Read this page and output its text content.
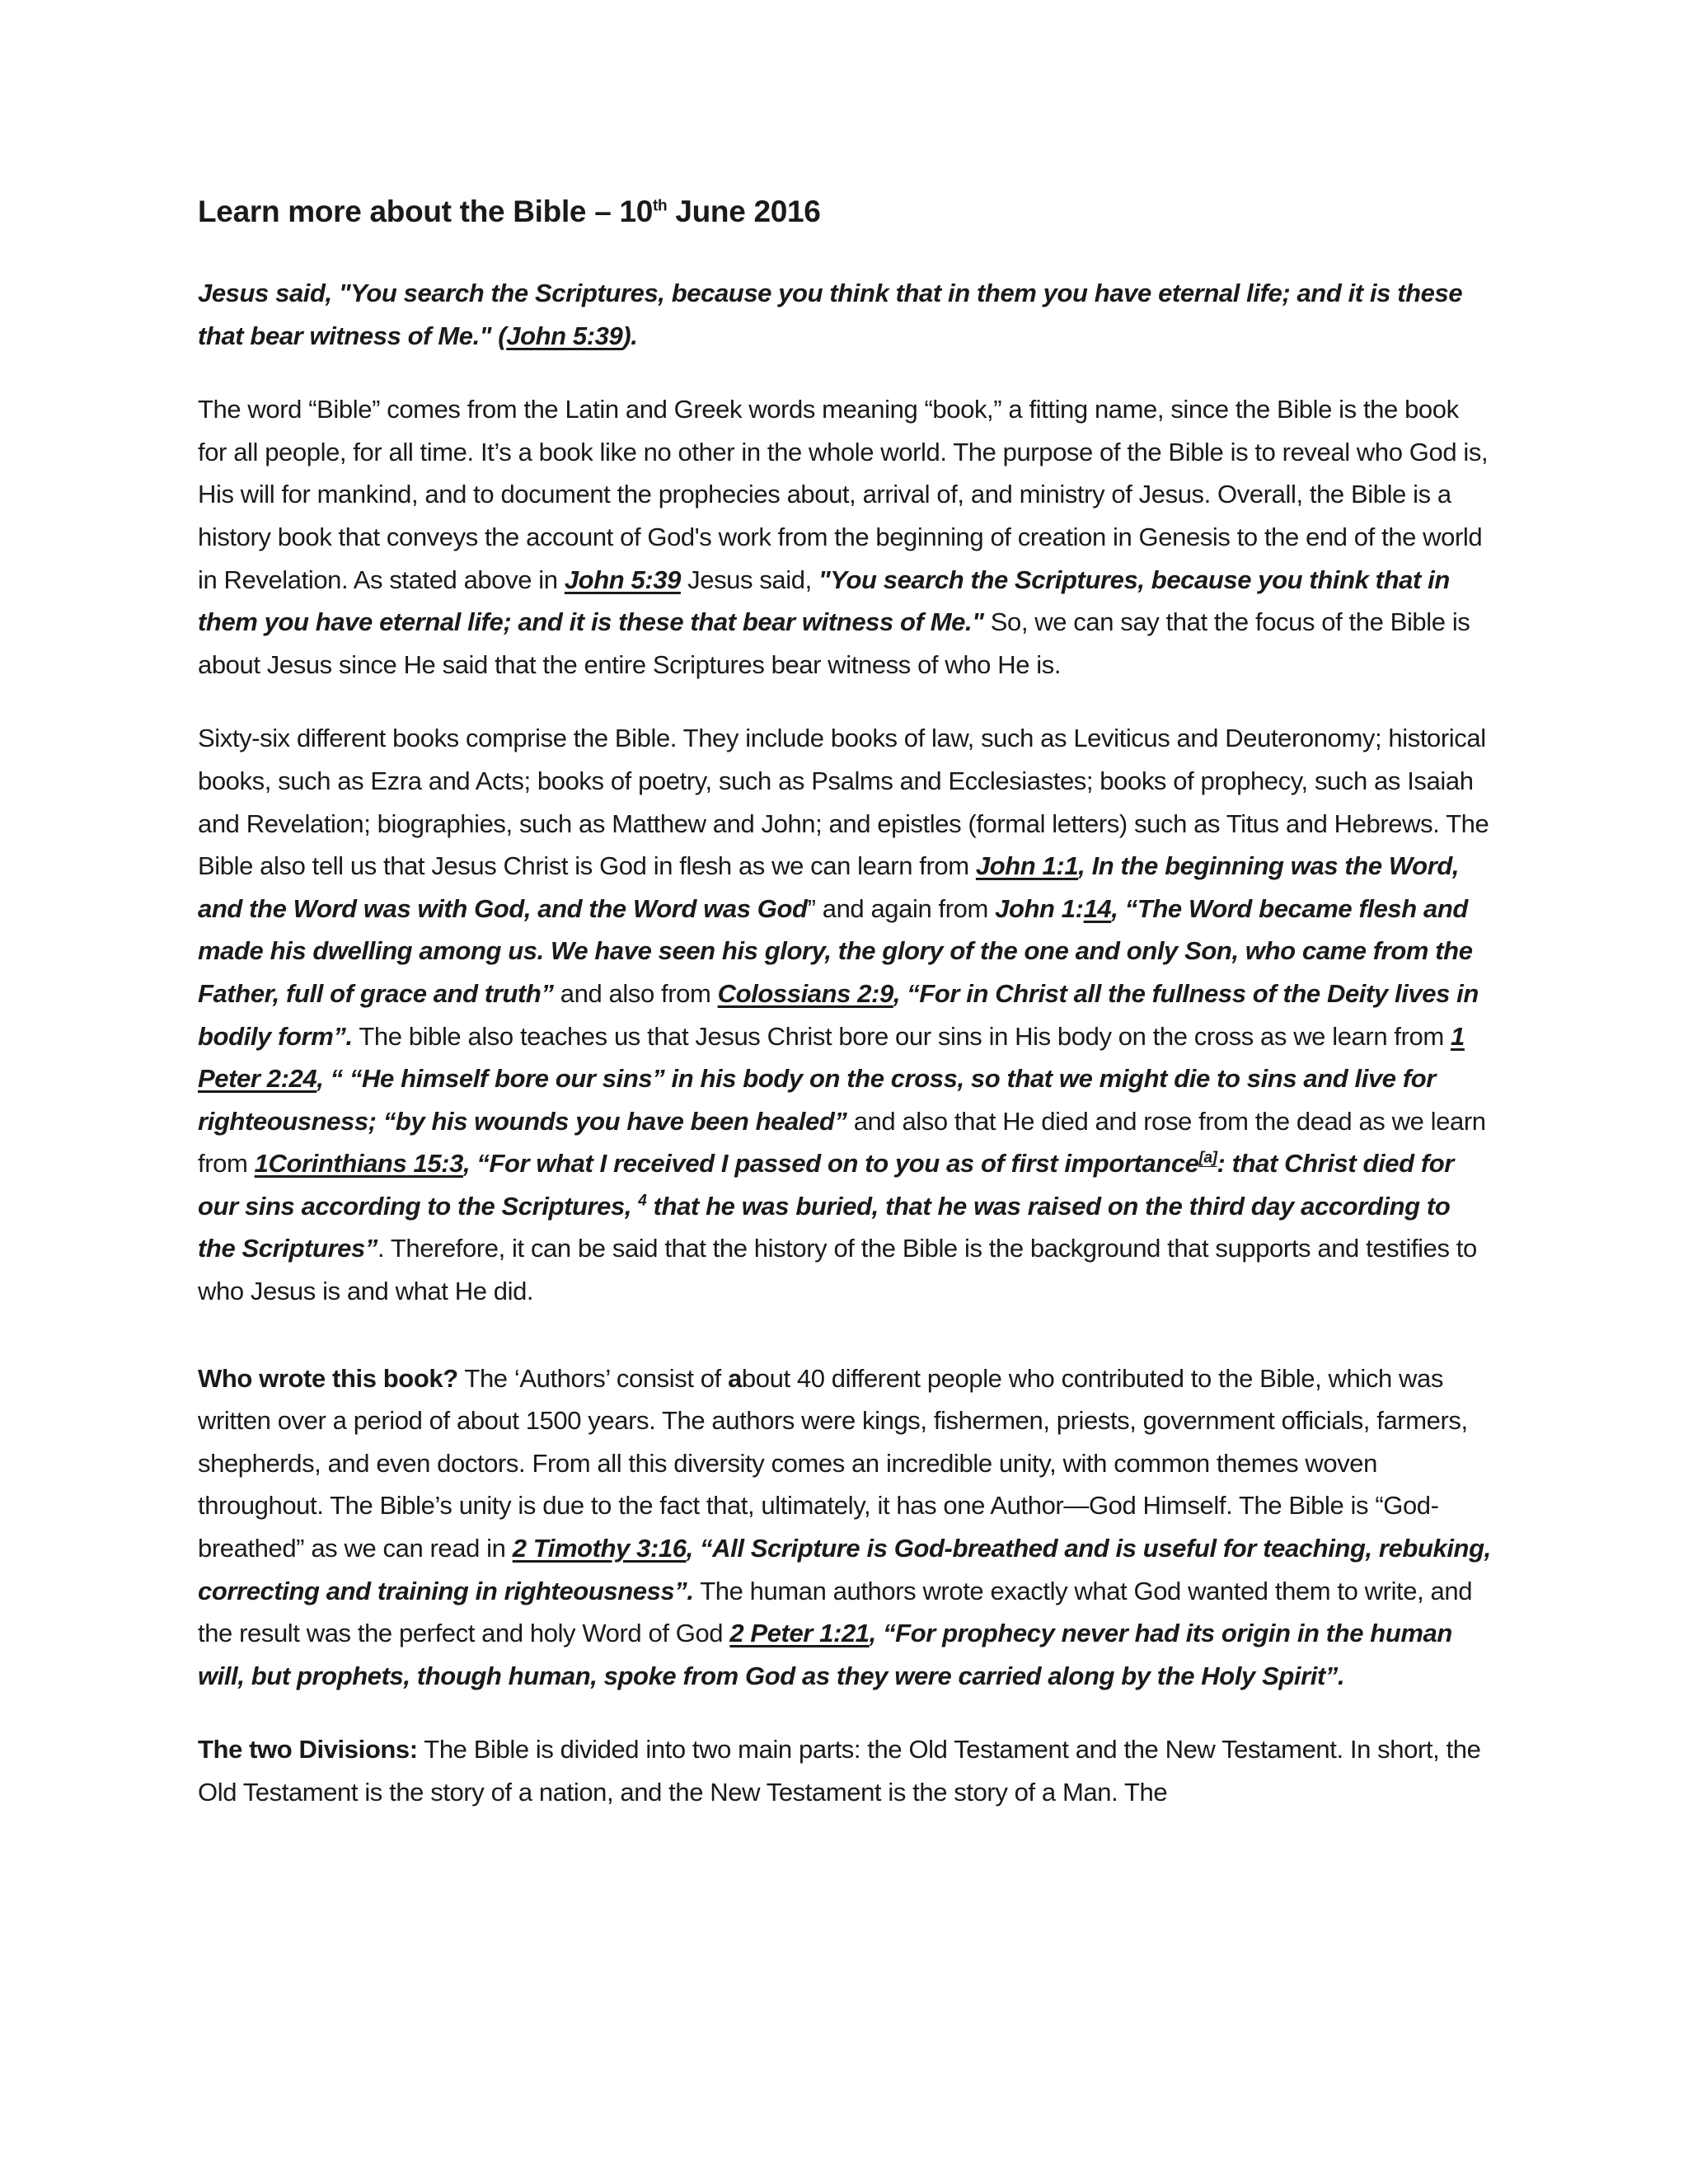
Learn more about the Bible – 10th June 2016

Jesus said, "You search the Scriptures, because you think that in them you have eternal life; and it is these that bear witness of Me." (John 5:39).

The word “Bible” comes from the Latin and Greek words meaning “book,” a fitting name, since the Bible is the book for all people, for all time. It’s a book like no other in the whole world. The purpose of the Bible is to reveal who God is, His will for mankind, and to document the prophecies about, arrival of, and ministry of Jesus. Overall, the Bible is a history book that conveys the account of God's work from the beginning of creation in Genesis to the end of the world in Revelation. As stated above in John 5:39 Jesus said, "You search the Scriptures, because you think that in them you have eternal life; and it is these that bear witness of Me." So, we can say that the focus of the Bible is about Jesus since He said that the entire Scriptures bear witness of who He is.

Sixty-six different books comprise the Bible. They include books of law, such as Leviticus and Deuteronomy; historical books, such as Ezra and Acts; books of poetry, such as Psalms and Ecclesiastes; books of prophecy, such as Isaiah and Revelation; biographies, such as Matthew and John; and epistles (formal letters) such as Titus and Hebrews. The Bible also tell us that Jesus Christ is God in flesh as we can learn from John 1:1, In the beginning was the Word, and the Word was with God, and the Word was God” and again from John 1:14, “The Word became flesh and made his dwelling among us. We have seen his glory, the glory of the one and only Son, who came from the Father, full of grace and truth” and also from Colossians 2:9, “For in Christ all the fullness of the Deity lives in bodily form”. The bible also teaches us that Jesus Christ bore our sins in His body on the cross as we learn from 1 Peter 2:24, “ “He himself bore our sins” in his body on the cross, so that we might die to sins and live for righteousness; “by his wounds you have been healed” and also that He died and rose from the dead as we learn from 1Corinthians 15:3, “For what I received I passed on to you as of first importance[a]: that Christ died for our sins according to the Scriptures, $^4$ that he was buried, that he was raised on the third day according to the Scriptures”. Therefore, it can be said that the history of the Bible is the background that supports and testifies to who Jesus is and what He did.

Who wrote this book? The ‘Authors’ consist of about 40 different people who contributed to the Bible, which was written over a period of about 1500 years. The authors were kings, fishermen, priests, government officials, farmers, shepherds, and even doctors. From all this diversity comes an incredible unity, with common themes woven throughout. The Bible’s unity is due to the fact that, ultimately, it has one Author—God Himself. The Bible is “God-breathed” as we can read in 2 Timothy 3:16, “All Scripture is God-breathed and is useful for teaching, rebuking, correcting and training in righteousness”. The human authors wrote exactly what God wanted them to write, and the result was the perfect and holy Word of God 2 Peter 1:21, “For prophecy never had its origin in the human will, but prophets, though human, spoke from God as they were carried along by the Holy Spirit”.

The two Divisions: The Bible is divided into two main parts: the Old Testament and the New Testament. In short, the Old Testament is the story of a nation, and the New Testament is the story of a Man. The
